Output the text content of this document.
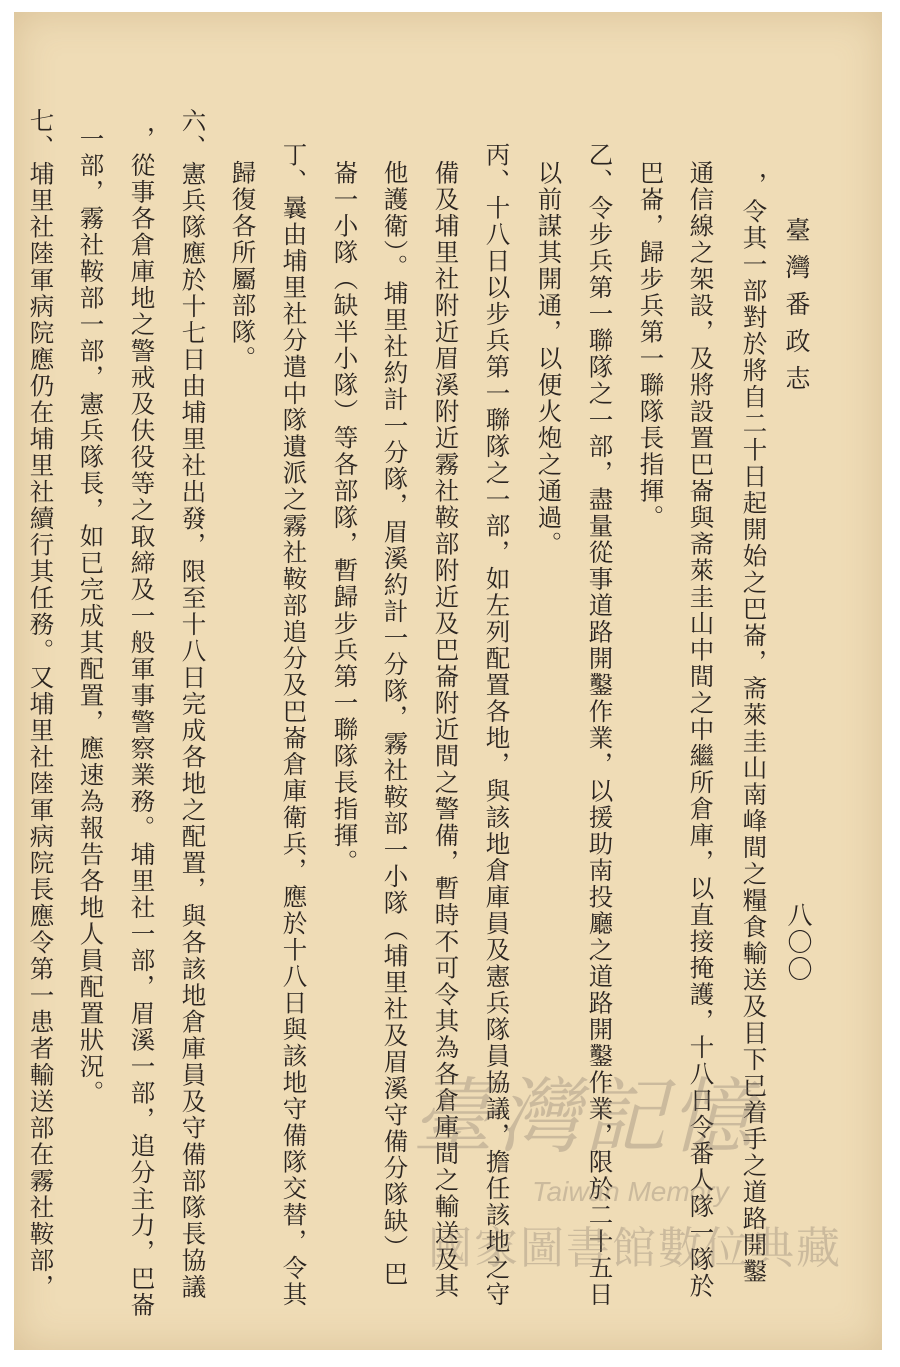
臺灣番政志
八〇〇
，令其一部對於將自二十日起開始之巴崙，斋萊圭山南峰間之糧食輸送及目下已着手之道路開鑿
通信線之架設，及將設置巴崙與斋萊圭山中間之中繼所倉庫，以直接掩護，十八日令番人隊一隊於
巴崙，歸步兵第一聯隊長指揮。
乙、令步兵第一聯隊之一部，盡量從事道路開鑿作業，以援助南投廳之道路開鑿作業，限於二十五日
以前謀其開通，以便火炮之通過。
丙、十八日以步兵第一聯隊之一部，如左列配置各地，與該地倉庫員及憲兵隊員協議，擔任該地之守
備及埔里社附近眉溪附近霧社鞍部附近及巴崙附近間之警備，暫時不可令其為各倉庫間之輸送及其
他護衛）。埔里社約計一分隊，眉溪約計一分隊，霧社鞍部一小隊（埔里社及眉溪守備分隊缺）巴
崙一小隊（缺半小隊）等各部隊，暫歸步兵第一聯隊長指揮。
丁、曩由埔里社分遣中隊遺派之霧社鞍部追分及巴崙倉庫衛兵，應於十八日與該地守備隊交替，令其
歸復各所屬部隊。
六、憲兵隊應於十七日由埔里社出發，限至十八日完成各地之配置，與各該地倉庫員及守備部隊長協議
，從事各倉庫地之警戒及伕役等之取締及一般軍事警察業務。埔里社一部，眉溪一部，追分主力，巴崙
一部，霧社鞍部一部，憲兵隊長，如已完成其配置，應速為報告各地人員配置狀況。
七、埔里社陸軍病院應仍在埔里社續行其任務。又埔里社陸軍病院長應令第一患者輸送部在霧社鞍部，	臺灣記憶
Taiwan Memory
國家圖書館數位典藏
